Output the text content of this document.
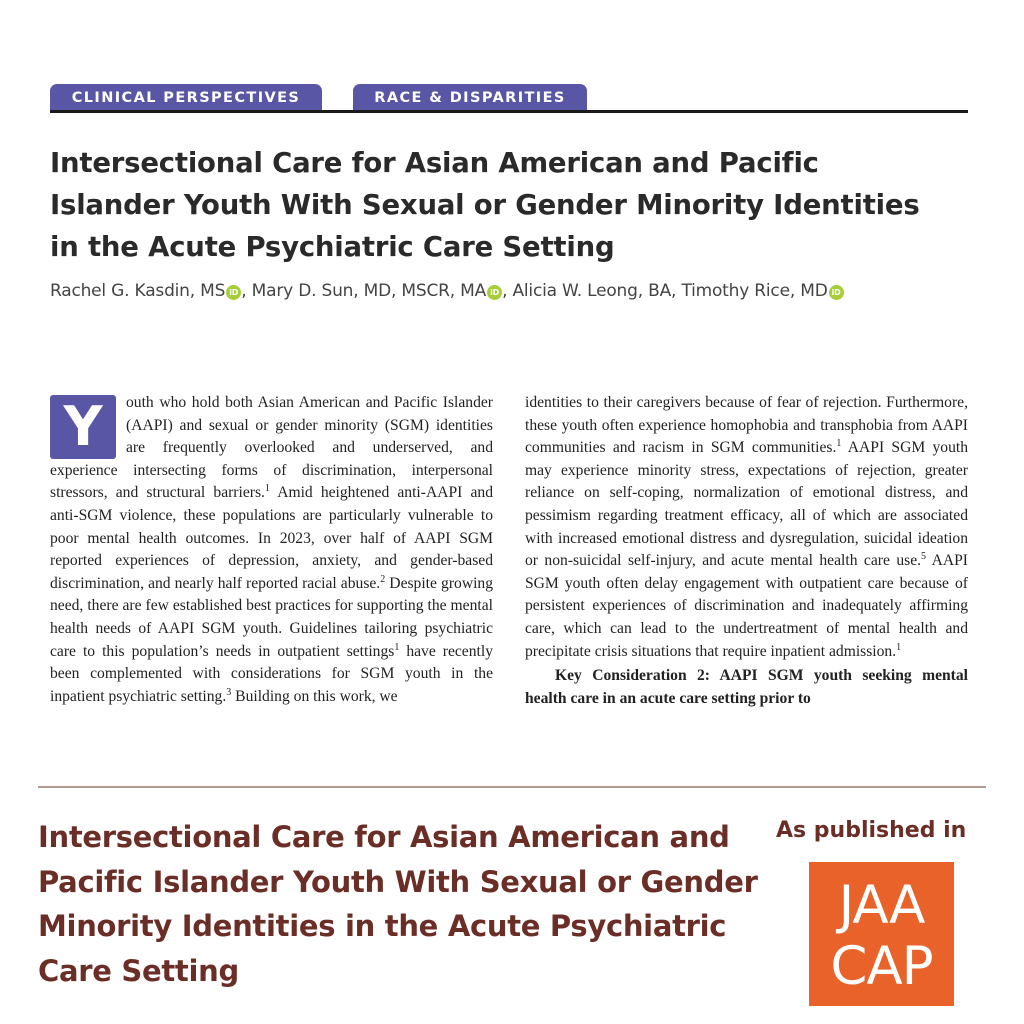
CLINICAL PERSPECTIVES	RACE & DISPARITIES
Intersectional Care for Asian American and Pacific Islander Youth With Sexual or Gender Minority Identities in the Acute Psychiatric Care Setting
Rachel G. Kasdin, MS iD , Mary D. Sun, MD, MSCR, MA iD , Alicia W. Leong, BA, Timothy Rice, MD iD

Y	outh who hold both Asian American and Pacific Islander (AAPI) and sexual or gender minority (SGM) identities are frequently overlooked and underserved, and experience intersecting forms of discrimination, interpersonal stressors, and structural barriers.$^1$ Amid heightened anti-AAPI and anti-SGM violence, these populations are particularly vulnerable to poor mental health outcomes. In 2023, over half of AAPI SGM reported experiences of depression, anxiety, and gender-based discrimination, and nearly half reported racial abuse.$^2$ Despite growing need, there are few established best practices for supporting the mental health needs of AAPI SGM youth. Guidelines tailoring psychiatric care to this population’s needs in outpatient settings$^1$ have recently been complemented with considerations for SGM youth in the inpatient psychiatric setting.$^3$ Building on this work, we

identities to their caregivers because of fear of rejection. Furthermore, these youth often experience homophobia and transphobia from AAPI communities and racism in SGM communities.$^1$ AAPI SGM youth may experience minority stress, expectations of rejection, greater reliance on self-coping, normalization of emotional distress, and pessimism regarding treatment efficacy, all of which are associated with increased emotional distress and dysregulation, suicidal ideation or non-suicidal self-injury, and acute mental health care use.$^5$ AAPI SGM youth often delay engagement with outpatient care because of persistent experiences of discrimination and inadequately affirming care, which can lead to the undertreatment of mental health and precipitate crisis situations that require inpatient admission.$^1$

Key Consideration 2: AAPI SGM youth seeking mental health care in an acute care setting prior to

Intersectional Care for Asian American and Pacific Islander Youth With Sexual or Gender Minority Identities in the Acute Psychiatric Care Setting
As published in
JAA
CAP
